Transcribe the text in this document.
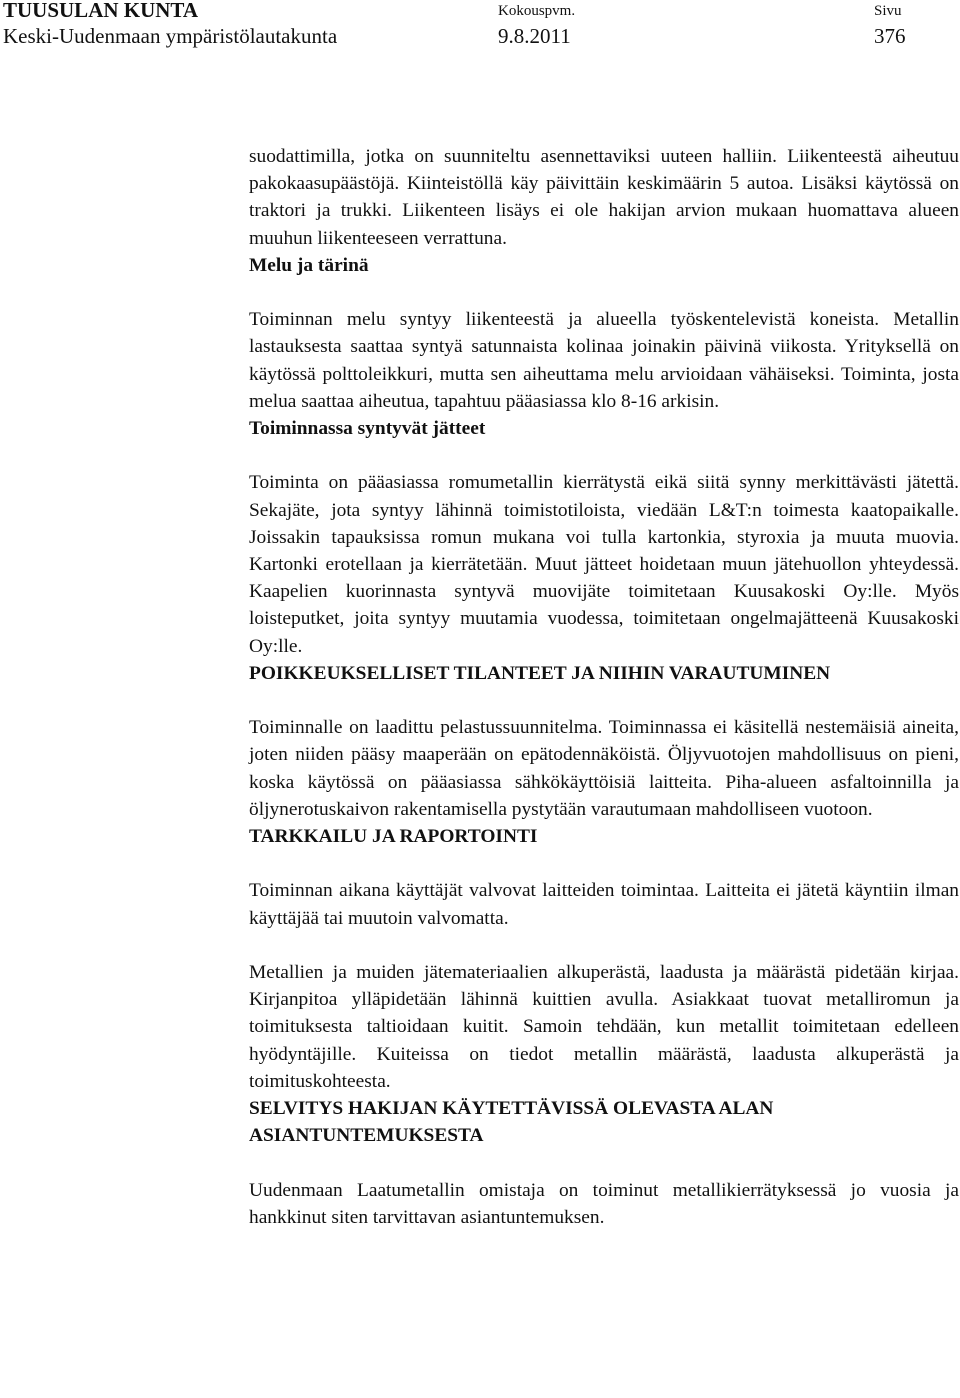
TUUSULAN KUNTA
Keski-Uudenmaan ympäristölautakunta
Kokouspvm.
9.8.2011
Sivu
376

suodattimilla, jotka on suunniteltu asennettaviksi uuteen halliin. Liikenteestä aiheutuu pakokaasupäästöjä. Kiinteistöllä käy päivittäin keskimäärin 5 autoa. Lisäksi käytössä on traktori ja trukki. Liikenteen lisäys ei ole hakijan arvion mukaan huomattava alueen muuhun liikenteeseen verrattuna.

Melu ja tärinä

Toiminnan melu syntyy liikenteestä ja alueella työskentelevistä koneista. Metallin lastauksesta saattaa syntyä satunnaista kolinaa joinakin päivinä viikosta. Yrityksellä on käytössä polttoleikkuri, mutta sen aiheuttama melu arvioidaan vähäiseksi. Toiminta, josta melua saattaa aiheutua, tapahtuu pääasiassa klo 8-16 arkisin.

Toiminnassa syntyvät jätteet

Toiminta on pääasiassa romumetallin kierrätystä eikä siitä synny merkittävästi jätettä. Sekajäte, jota syntyy lähinnä toimistotiloista, viedään L&T:n toimesta kaatopaikalle. Joissakin tapauksissa romun mukana voi tulla kartonkia, styroxia ja muuta muovia. Kartonki erotellaan ja kierrätetään. Muut jätteet hoidetaan muun jätehuollon yhteydessä. Kaapelien kuorinnasta syntyvä muovijäte toimitetaan Kuusakoski Oy:lle. Myös loisteputket, joita syntyy muutamia vuodessa, toimitetaan ongelmajätteenä Kuusakoski Oy:lle.

POIKKEUKSELLISET TILANTEET JA NIIHIN VARAUTUMINEN

Toiminnalle on laadittu pelastussuunnitelma. Toiminnassa ei käsitellä nestemäisiä aineita, joten niiden pääsy maaperään on epätodennäköistä. Öljyvuotojen mahdollisuus on pieni, koska käytössä on pääasiassa sähkökäyttöisiä laitteita. Piha-alueen asfaltoinnilla ja öljynerotuskaivon rakentamisella pystytään varautumaan mahdolliseen vuotoon.

TARKKAILU JA RAPORTOINTI

Toiminnan aikana käyttäjät valvovat laitteiden toimintaa. Laitteita ei jätetä käyntiin ilman käyttäjää tai muutoin valvomatta.

Metallien ja muiden jätemateriaalien alkuperästä, laadusta ja määrästä pidetään kirjaa. Kirjanpitoa ylläpidetään lähinnä kuittien avulla. Asiakkaat tuovat metalliromun ja toimituksesta taltioidaan kuitit. Samoin tehdään, kun metallit toimitetaan edelleen hyödyntäjille. Kuiteissa on tiedot metallin määrästä, laadusta alkuperästä ja toimituskohteesta.

SELVITYS HAKIJAN KÄYTETTÄVISSÄ OLEVASTA ALAN ASIANTUNTEMUKSESTA

Uudenmaan Laatumetallin omistaja on toiminut metallikierrätyksessä jo vuosia ja hankkinut siten tarvittavan asiantuntemuksen.
